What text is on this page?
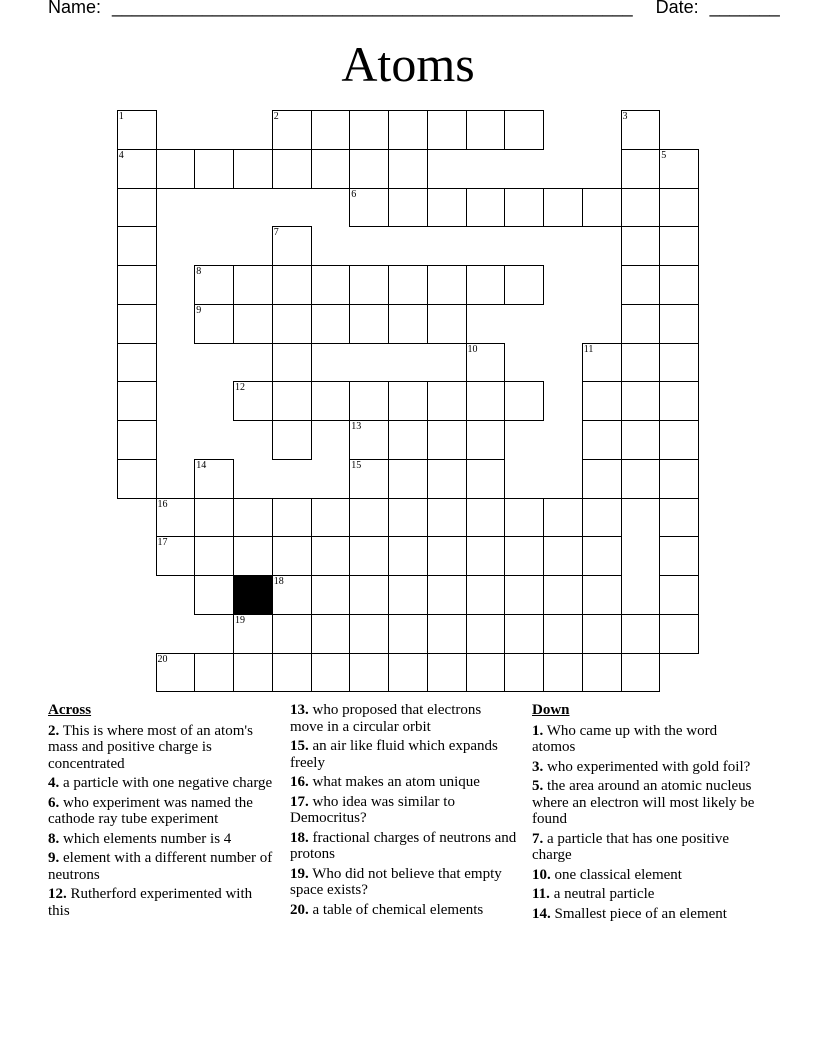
Name: ____________________________________________________ Date: _______
Atoms
1	2	3
4	5
6
7
8
9
10	11
12
13
14	15
16
17
18
19
20
Across
2. This is where most of an atom's mass and positive charge is concentrated
4. a particle with one negative charge
6. who experiment was named the cathode ray tube experiment
8. which elements number is 4
9. element with a different number of neutrons
12. Rutherford experimented with this
13. who proposed that electrons move in a circular orbit
15. an air like fluid which expands freely
16. what makes an atom unique
17. who idea was similar to Democritus?
18. fractional charges of neutrons and protons
19. Who did not believe that empty space exists?
20. a table of chemical elements
Down
1. Who came up with the word atomos
3. who experimented with gold foil?
5. the area around an atomic nucleus where an electron will most likely be found
7. a particle that has one positive charge
10. one classical element
11. a neutral particle
14. Smallest piece of an element
